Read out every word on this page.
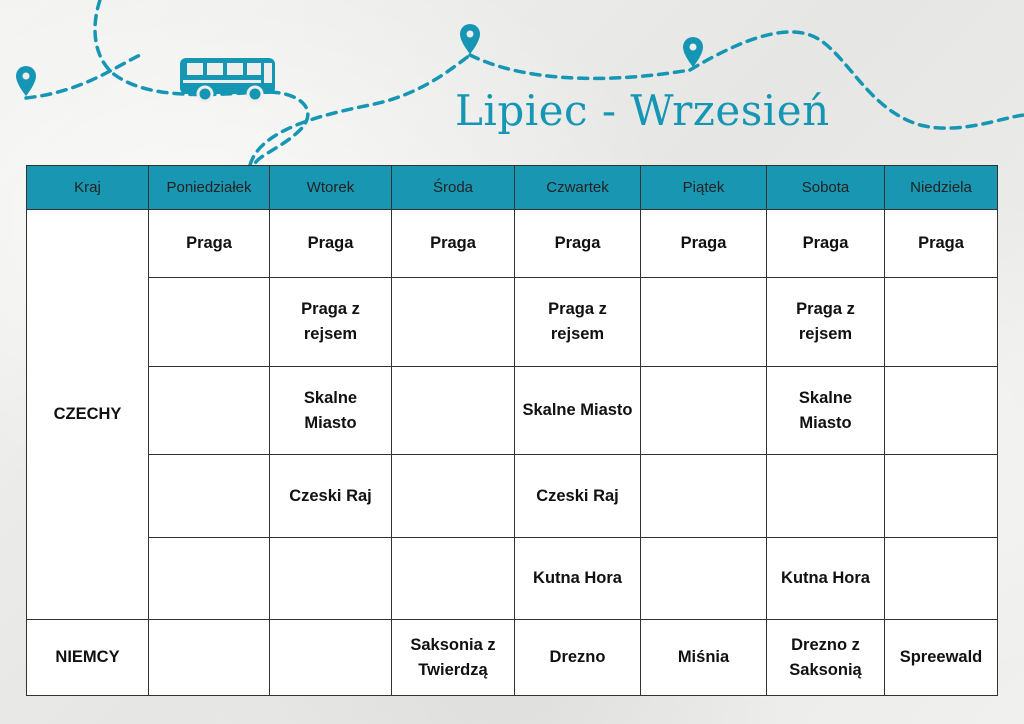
Lipiec - Wrzesień
Kraj	Poniedziałek	Wtorek	Środa	Czwartek	Piątek	Sobota	Niedziela
CZECHY	Praga	Praga	Praga	Praga	Praga	Praga	Praga
		Praga z rejsem		Praga z rejsem		Praga z rejsem	
		Skalne Miasto		Skalne Miasto		Skalne Miasto	
		Czeski Raj		Czeski Raj			
				Kutna Hora		Kutna Hora	
NIEMCY			Saksonia z Twierdzą	Drezno	Miśnia	Drezno z Saksonią	Spreewald
